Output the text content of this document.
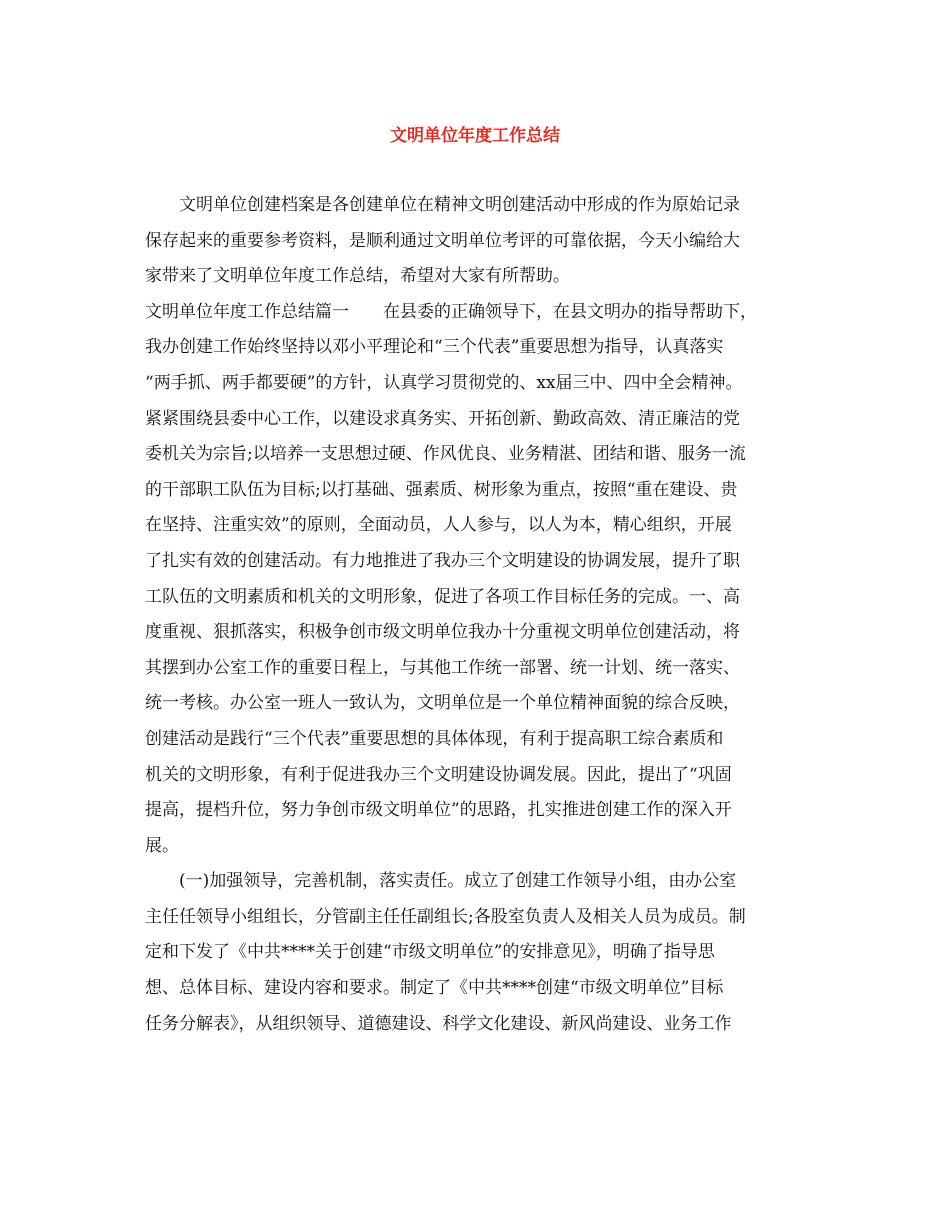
文明单位年度工作总结
文明单位创建档案是各创建单位在精神文明创建活动中形成的作为原始记录
保存起来的重要参考资料，是顺利通过文明单位考评的可靠依据，今天小编给大
家带来了文明单位年度工作总结，希望对大家有所帮助。
文明单位年度工作总结篇一　　在县委的正确领导下，在县文明办的指导帮助下，
我办创建工作始终坚持以邓小平理论和“三个代表”重要思想为指导，认真落实
“两手抓、两手都要硬”的方针，认真学习贯彻党的、xx届三中、四中全会精神。
紧紧围绕县委中心工作，以建设求真务实、开拓创新、勤政高效、清正廉洁的党
委机关为宗旨;以培养一支思想过硬、作风优良、业务精湛、团结和谐、服务一流
的干部职工队伍为目标;以打基础、强素质、树形象为重点，按照“重在建设、贵
在坚持、注重实效”的原则，全面动员，人人参与，以人为本，精心组织，开展
了扎实有效的创建活动。有力地推进了我办三个文明建设的协调发展，提升了职
工队伍的文明素质和机关的文明形象，促进了各项工作目标任务的完成。一、高
度重视、狠抓落实，积极争创市级文明单位我办十分重视文明单位创建活动，将
其摆到办公室工作的重要日程上，与其他工作统一部署、统一计划、统一落实、
统一考核。办公室一班人一致认为，文明单位是一个单位精神面貌的综合反映，
创建活动是践行“三个代表”重要思想的具体体现，有利于提高职工综合素质和
机关的文明形象，有利于促进我办三个文明建设协调发展。因此，提出了“巩固
提高，提档升位，努力争创市级文明单位”的思路，扎实推进创建工作的深入开
展。
(一)加强领导，完善机制，落实责任。成立了创建工作领导小组，由办公室
主任任领导小组组长，分管副主任任副组长;各股室负责人及相关人员为成员。制
定和下发了《中共****关于创建“市级文明单位”的安排意见》，明确了指导思
想、总体目标、建设内容和要求。制定了《中共****创建“市级文明单位”目标
任务分解表》，从组织领导、道德建设、科学文化建设、新风尚建设、业务工作
